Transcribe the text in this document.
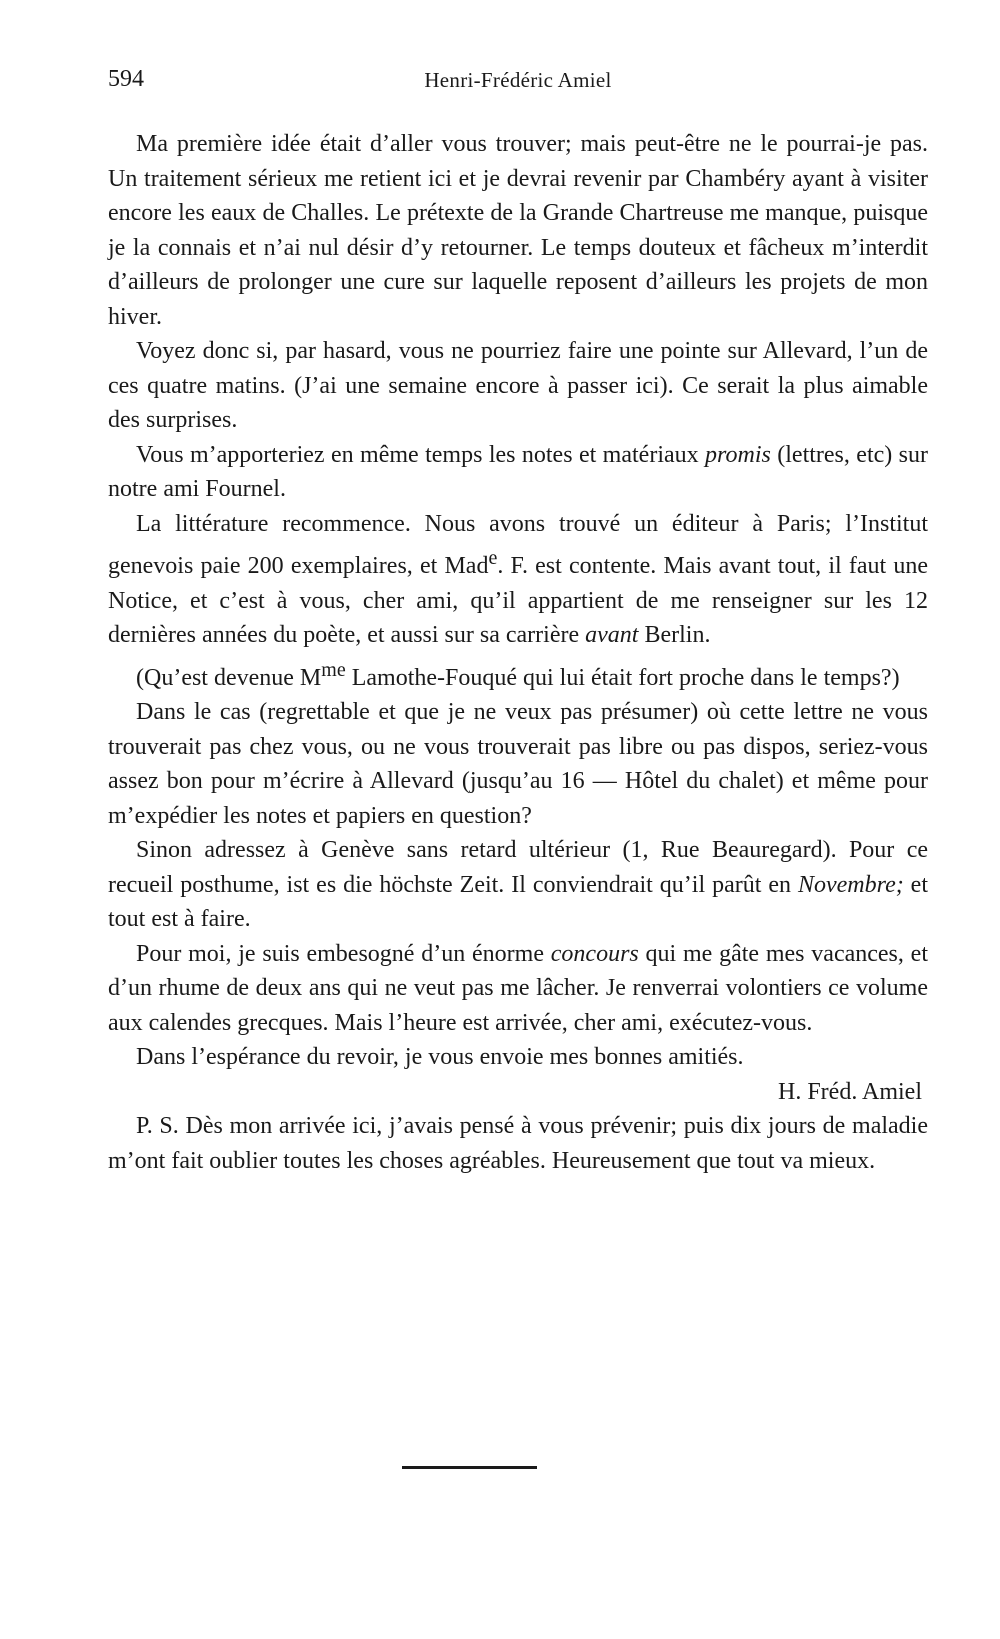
594	Henri-Frédéric Amiel

Ma première idée était d’aller vous trouver; mais peut-être ne le pourrai-je pas. Un traitement sérieux me retient ici et je devrai revenir par Chambéry ayant à visiter encore les eaux de Challes. Le prétexte de la Grande Chartreuse me manque, puisque je la connais et n’ai nul désir d’y retourner. Le temps douteux et fâcheux m’interdit d’ailleurs de prolonger une cure sur laquelle reposent d’ailleurs les projets de mon hiver.

Voyez donc si, par hasard, vous ne pourriez faire une pointe sur Allevard, l’un de ces quatre matins. (J’ai une semaine encore à passer ici). Ce serait la plus aimable des surprises.

Vous m’apporteriez en même temps les notes et matériaux promis (lettres, etc) sur notre ami Fournel.

La littérature recommence. Nous avons trouvé un éditeur à Paris; l’Institut genevois paie 200 exemplaires, et Mad$^e$. F. est contente. Mais avant tout, il faut une Notice, et c’est à vous, cher ami, qu’il appartient de me renseigner sur les 12 dernières années du poète, et aussi sur sa carrière avant Berlin.

(Qu’est devenue $M^{me}$ Lamothe-Fouqué qui lui était fort proche dans le temps?)

Dans le cas (regrettable et que je ne veux pas présumer) où cette lettre ne vous trouverait pas chez vous, ou ne vous trouverait pas libre ou pas dispos, seriez-vous assez bon pour m’écrire à Allevard (jusqu’au 16 — Hôtel du chalet) et même pour m’expédier les notes et papiers en question?

Sinon adressez à Genève sans retard ultérieur (1, Rue Beauregard). Pour ce recueil posthume, ist es die höchste Zeit. Il conviendrait qu’il parût en Novembre; et tout est à faire.

Pour moi, je suis embesogné d’un énorme concours qui me gâte mes vacances, et d’un rhume de deux ans qui ne veut pas me lâcher. Je renverrai volontiers ce volume aux calendes grecques. Mais l’heure est arrivée, cher ami, exécutez-vous.

Dans l’espérance du revoir, je vous envoie mes bonnes amitiés.

H. Fréd. Amiel

P. S. Dès mon arrivée ici, j’avais pensé à vous prévenir; puis dix jours de maladie m’ont fait oublier toutes les choses agréables. Heureusement que tout va mieux.
